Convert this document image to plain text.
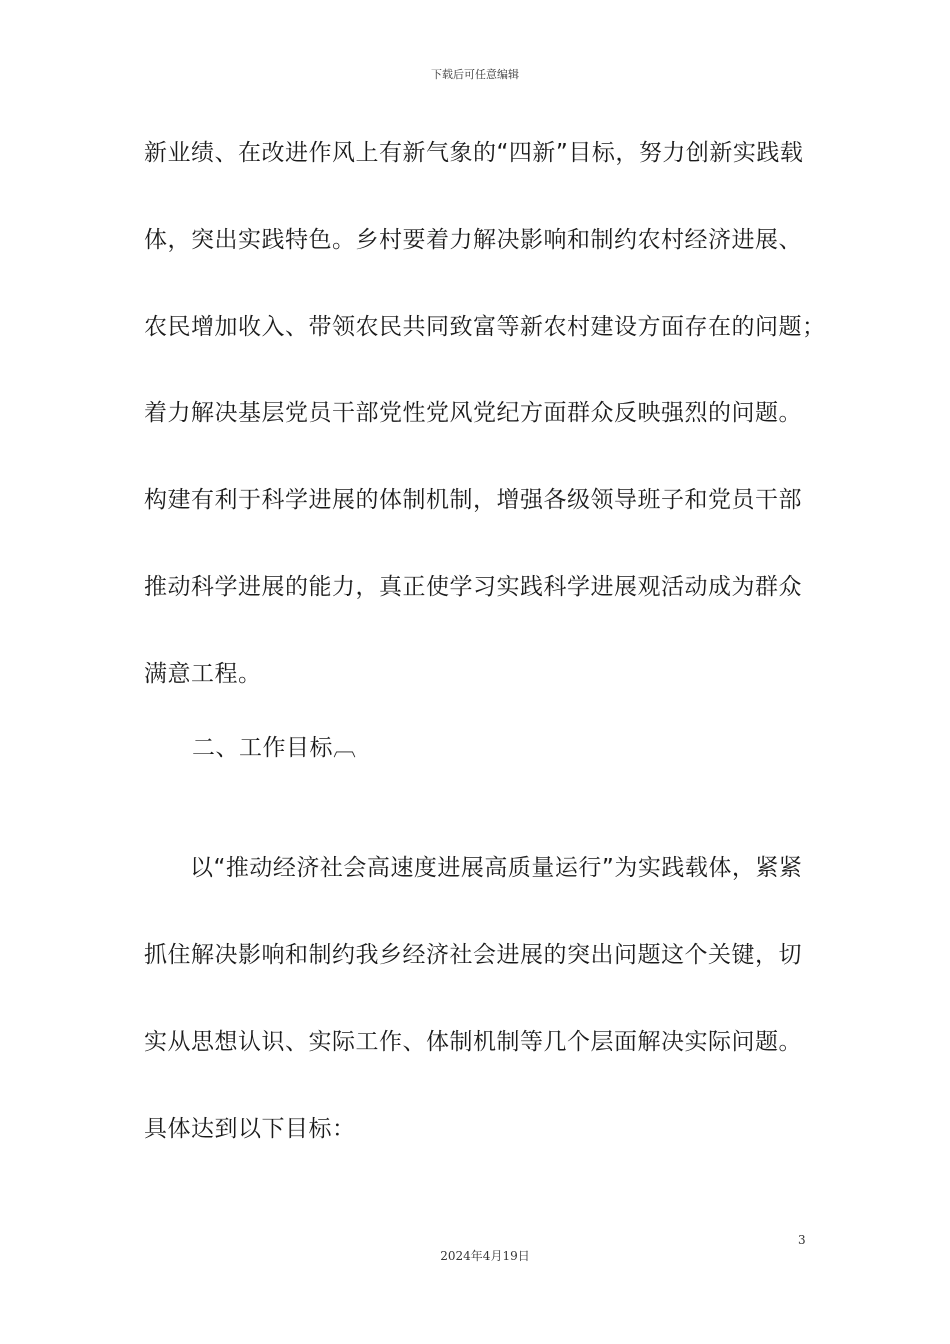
下载后可任意编辑
新业绩、在改进作风上有新气象的“四新”目标，努力创新实践载
体，突出实践特色。乡村要着力解决影响和制约农村经济进展、
农民增加收入、带领农民共同致富等新农村建设方面存在的问题；
着力解决基层党员干部党性党风党纪方面群众反映强烈的问题。
构建有利于科学进展的体制机制，增强各级领导班子和党员干部
推动科学进展的能力，真正使学习实践科学进展观活动成为群众
满意工程。
二、工作目标︹
以“推动经济社会高速度进展高质量运行”为实践载体，紧紧
抓住解决影响和制约我乡经济社会进展的突出问题这个关键，切
实从思想认识、实际工作、体制机制等几个层面解决实际问题。
具体达到以下目标：
3
2024年4月19日
